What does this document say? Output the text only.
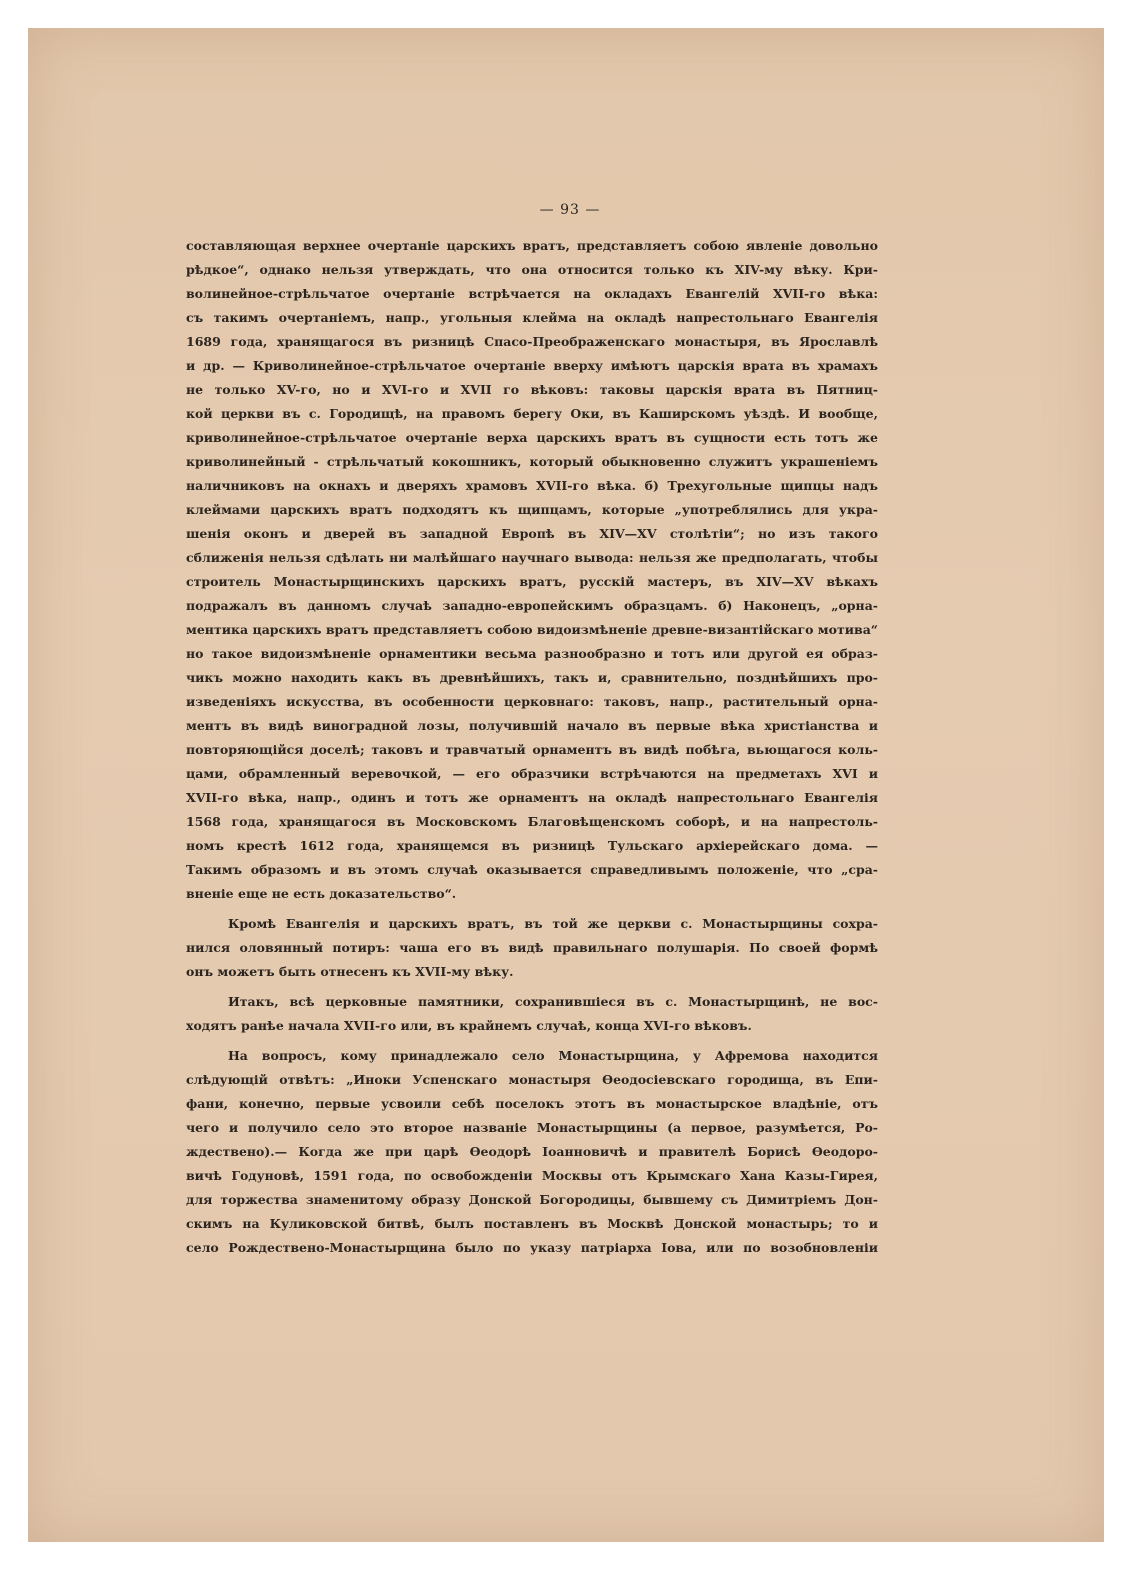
— 93 —
составляющая верхнее очертаніе царскихъ вратъ, представляетъ собою явленіе довольно
рѣдкое“, однако нельзя утверждать, что она относится только къ XIV-му вѣку. Кри-
волинейное-стрѣльчатое очертаніе встрѣчается на окладахъ Евангелій XVII-го вѣка:
съ такимъ очертаніемъ, напр., угольныя клейма на окладѣ напрестольнаго Евангелія
1689 года, хранящагося въ ризницѣ Спасо-Преображенскаго монастыря, въ Ярославлѣ
и др. — Криволинейное-стрѣльчатое очертаніе вверху имѣютъ царскія врата въ храмахъ
не только XV-го, но и XVI-го и XVII го вѣковъ: таковы царскія врата въ Пятниц-
кой церкви въ с. Городищѣ, на правомъ берегу Оки, въ Каширскомъ уѣздѣ. И вообще,
криволинейное-стрѣльчатое очертаніе верха царскихъ вратъ въ сущности есть тотъ же
криволинейный - стрѣльчатый кокошникъ, который обыкновенно служитъ украшеніемъ
наличниковъ на окнахъ и дверяхъ храмовъ XVII-го вѣка. б) Трехугольные щипцы надъ
клеймами царскихъ вратъ подходятъ къ щипцамъ, которые „употреблялись для укра-
шенія оконъ и дверей въ западной Европѣ въ XIV—XV столѣтіи“; но изъ такого
сближенія нельзя сдѣлать ни малѣйшаго научнаго вывода: нельзя же предполагать, чтобы
строитель Монастырщинскихъ царскихъ вратъ, русскій мастеръ, въ XIV—XV вѣкахъ
подражалъ въ данномъ случаѣ западно-европейскимъ образцамъ. б) Наконецъ, „орна-
ментика царскихъ вратъ представляетъ собою видоизмѣненіе древне-византійскаго мотива“
но такое видоизмѣненіе орнаментики весьма разнообразно и тотъ или другой ея образ-
чикъ можно находить какъ въ древнѣйшихъ, такъ и, сравнительно, позднѣйшихъ про-
изведеніяхъ искусства, въ особенности церковнаго: таковъ, напр., растительный орна-
ментъ въ видѣ виноградной лозы, получившій начало въ первые вѣка христіанства и
повторяющійся доселѣ; таковъ и травчатый орнаментъ въ видѣ побѣга, вьющагося коль-
цами, обрамленный веревочкой, — его образчики встрѣчаются на предметахъ XVI и
XVII-го вѣка, напр., одинъ и тотъ же орнаментъ на окладѣ напрестольнаго Евангелія
1568 года, хранящагося въ Московскомъ Благовѣщенскомъ соборѣ, и на напрестоль-
номъ крестѣ 1612 года, хранящемся въ ризницѣ Тульскаго архіерейскаго дома. —
Такимъ образомъ и въ этомъ случаѣ оказывается справедливымъ положеніе, что „сра-
вненіе еще не есть доказательство“.
Кромѣ Евангелія и царскихъ вратъ, въ той же церкви с. Монастырщины сохра-
нился оловянный потиръ: чаша его въ видѣ правильнаго полушарія. По своей формѣ
онъ можетъ быть отнесенъ къ XVII-му вѣку.
Итакъ, всѣ церковные памятники, сохранившіеся въ с. Монастырщинѣ, не вос-
ходятъ ранѣе начала XVII-го или, въ крайнемъ случаѣ, конца XVI-го вѣковъ.
На вопросъ, кому принадлежало село Монастырщина, у Афремова находится
слѣдующій отвѣтъ: „Иноки Успенскаго монастыря Ѳеодосіевскаго городища, въ Епи-
фани, конечно, первые усвоили себѣ поселокъ этотъ въ монастырское владѣніе, отъ
чего и получило село это второе названіе Монастырщины (а первое, разумѣется, Ро-
ждествено).— Когда же при царѣ Ѳеодорѣ Іоанновичѣ и правителѣ Борисѣ Ѳеодоро-
вичѣ Годуновѣ, 1591 года, по освобожденіи Москвы отъ Крымскаго Хана Казы-Гирея,
для торжества знаменитому образу Донской Богородицы, бывшему съ Димитріемъ Дон-
скимъ на Куликовской битвѣ, былъ поставленъ въ Москвѣ Донской монастырь; то и
село Рождествено-Монастырщина было по указу патріарха Іова, или по возобновленіи
